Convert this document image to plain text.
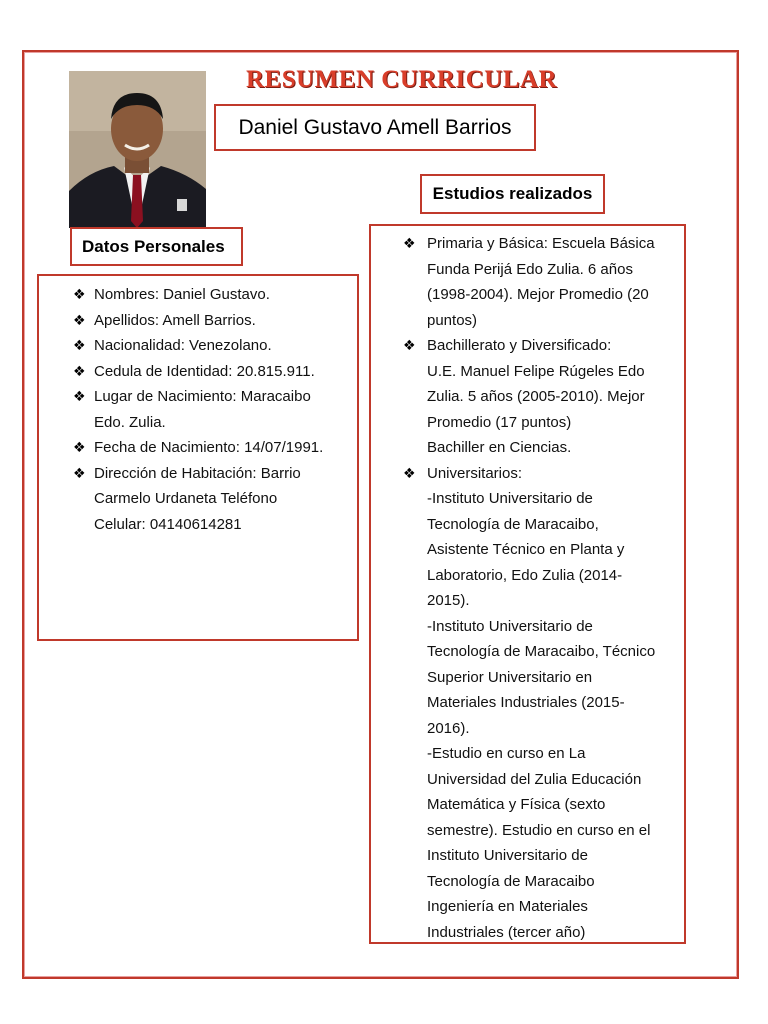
RESUMEN CURRICULAR
Daniel Gustavo Amell Barrios
Estudios realizados
Datos Personales
❖ Nombres: Daniel Gustavo.
❖ Apellidos: Amell Barrios.
❖ Nacionalidad: Venezolano.
❖ Cedula de Identidad: 20.815.911.
❖ Lugar de Nacimiento: Maracaibo
Edo. Zulia.
❖ Fecha de Nacimiento: 14/07/1991.
❖ Dirección de Habitación: Barrio
Carmelo Urdaneta Teléfono
Celular: 04140614281
❖ Primaria y Básica: Escuela Básica
Funda Perijá Edo Zulia. 6 años
(1998-2004). Mejor Promedio (20
puntos)
❖ Bachillerato y Diversificado:
U.E. Manuel Felipe Rúgeles Edo
Zulia. 5 años (2005-2010). Mejor
Promedio (17 puntos)
Bachiller en Ciencias.
❖ Universitarios:
-Instituto Universitario de
Tecnología de Maracaibo,
Asistente Técnico en Planta y
Laboratorio, Edo Zulia (2014-
2015).
-Instituto Universitario de
Tecnología de Maracaibo, Técnico
Superior Universitario en
Materiales Industriales (2015-
2016).
-Estudio en curso en La
Universidad del Zulia Educación
Matemática y Física (sexto
semestre). Estudio en curso en el
Instituto Universitario de
Tecnología de Maracaibo
Ingeniería en Materiales
Industriales (tercer año)
